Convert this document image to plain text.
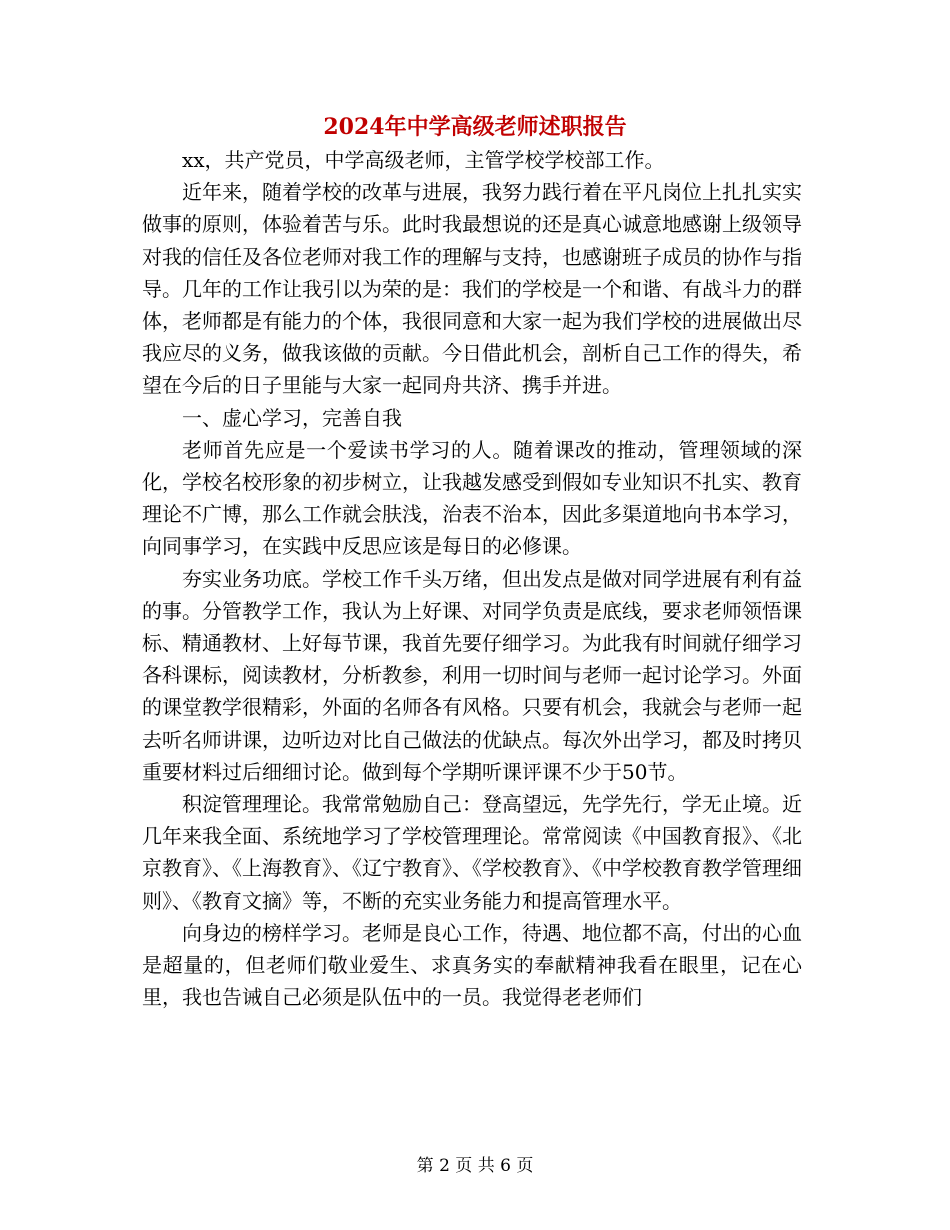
2024年中学高级老师述职报告

xx，共产党员，中学高级老师，主管学校学校部工作。

近年来，随着学校的改革与进展，我努力践行着在平凡岗位上扎扎实实做事的原则，体验着苦与乐。此时我最想说的还是真心诚意地感谢上级领导对我的信任及各位老师对我工作的理解与支持，也感谢班子成员的协作与指导。几年的工作让我引以为荣的是：我们的学校是一个和谐、有战斗力的群体，老师都是有能力的个体，我很同意和大家一起为我们学校的进展做出尽我应尽的义务，做我该做的贡献。今日借此机会，剖析自己工作的得失，希望在今后的日子里能与大家一起同舟共济、携手并进。

一、虚心学习，完善自我

老师首先应是一个爱读书学习的人。随着课改的推动，管理领域的深化，学校名校形象的初步树立，让我越发感受到假如专业知识不扎实、教育理论不广博，那么工作就会肤浅，治表不治本，因此多渠道地向书本学习，向同事学习，在实践中反思应该是每日的必修课。

夯实业务功底。学校工作千头万绪，但出发点是做对同学进展有利有益的事。分管教学工作，我认为上好课、对同学负责是底线，要求老师领悟课标、精通教材、上好每节课，我首先要仔细学习。为此我有时间就仔细学习各科课标，阅读教材，分析教参，利用一切时间与老师一起讨论学习。外面的课堂教学很精彩，外面的名师各有风格。只要有机会，我就会与老师一起去听名师讲课，边听边对比自己做法的优缺点。每次外出学习，都及时拷贝重要材料过后细细讨论。做到每个学期听课评课不少于50节。

积淀管理理论。我常常勉励自己：登高望远，先学先行，学无止境。近几年来我全面、系统地学习了学校管理理论。常常阅读《中国教育报》、《北京教育》、《上海教育》、《辽宁教育》、《学校教育》、《中学校教育教学管理细则》、《教育文摘》等，不断的充实业务能力和提高管理水平。

向身边的榜样学习。老师是良心工作，待遇、地位都不高，付出的心血是超量的，但老师们敬业爱生、求真务实的奉献精神我看在眼里，记在心里，我也告诫自己必须是队伍中的一员。我觉得老老师们

第 2 页 共 6 页
